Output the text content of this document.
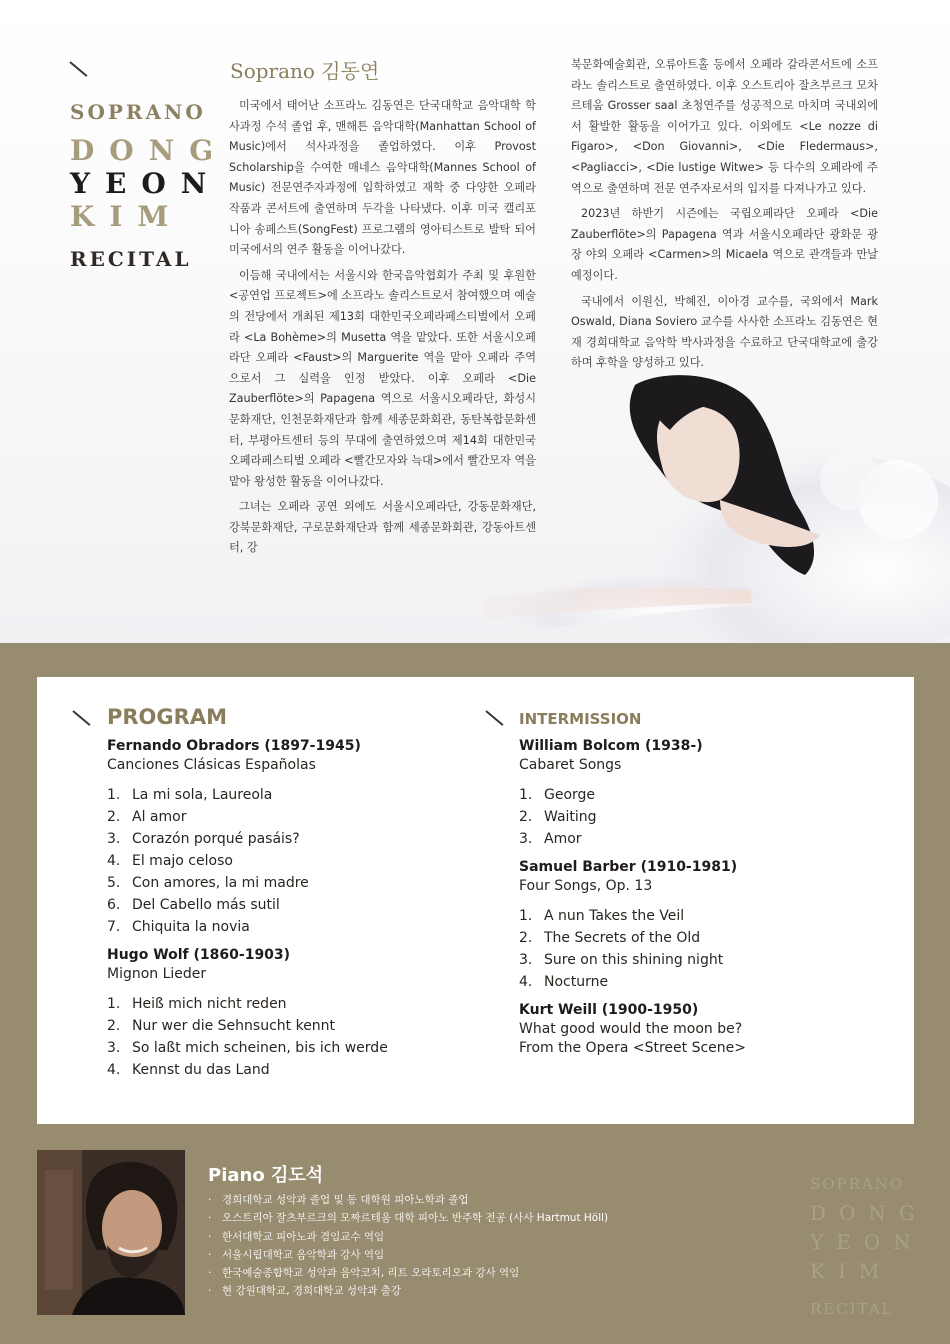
SOPRANO
DONG
YEON
KIM
RECITAL
Soprano 김동연

미국에서 태어난 소프라노 김동연은 단국대학교 음악대학 학사과정 수석 졸업 후, 맨해튼 음악대학(Manhattan School of Music)에서 석사과정을 졸업하였다. 이후 Provost Scholarship을 수여한 매네스 음악대학(Mannes School of Music) 전문연주자과정에 입학하였고 재학 중 다양한 오페라 작품과 콘서트에 출연하며 두각을 나타냈다. 이후 미국 캘리포니아 송페스트(SongFest) 프로그램의 영아티스트로 발탁 되어 미국에서의 연주 활동을 이어나갔다.

이듬해 국내에서는 서울시와 한국음악협회가 주최 및 후원한 <공연업 프로젝트>에 소프라노 솔리스트로서 참여했으며 예술의 전당에서 개최된 제13회 대한민국오페라페스티벌에서 오페라 <La Bohème>의 Musetta 역을 맡았다. 또한 서울시오페라단 오페라 <Faust>의 Marguerite 역을 맡아 오페라 주역으로서 그 실력을 인정 받았다. 이후 오페라 <Die Zauberflöte>의 Papagena 역으로 서울시오페라단, 화성시문화재단, 인천문화재단과 함께 세종문화회관, 동탄복합문화센터, 부평아트센터 등의 무대에 출연하였으며 제14회 대한민국오페라페스티벌 오페라 <빨간모자와 늑대>에서 빨간모자 역을 맡아 왕성한 활동을 이어나갔다.

그녀는 오페라 공연 외에도 서울시오페라단, 강동문화재단, 강북문화재단, 구로문화재단과 함께 세종문화회관, 강동아트센터, 강

북문화예술회관, 오류아트홀 등에서 오페라 갈라콘서트에 소프라노 솔리스트로 출연하였다. 이후 오스트리아 잘츠부르크 모차르테움 Grosser saal 초청연주를 성공적으로 마치며 국내외에서 활발한 활동을 이어가고 있다. 이외에도 <Le nozze di Figaro>, <Don Giovanni>, <Die Fledermaus>, <Pagliacci>, <Die lustige Witwe> 등 다수의 오페라에 주역으로 출연하며 전문 연주자로서의 입지를 다져나가고 있다.

2023년 하반기 시즌에는 국립오페라단 오페라 <Die Zauberflöte>의 Papagena 역과 서울시오페라단 광화문 광장 야외 오페라 <Carmen>의 Micaela 역으로 관객들과 만날 예정이다.

국내에서 이원신, 박혜진, 이아경 교수를, 국외에서 Mark Oswald, Diana Soviero 교수를 사사한 소프라노 김동연은 현재 경희대학교 음악학 박사과정을 수료하고 단국대학교에 출강하며 후학을 양성하고 있다.

PROGRAM	INTERMISSION
Fernando Obradors (1897-1945)
Canciones Clásicas Españolas
1. La mi sola, Laureola
2. Al amor
3. Corazón porqué pasáis?
4. El majo celoso
5. Con amores, la mi madre
6. Del Cabello más sutil
7. Chiquita la novia
Hugo Wolf (1860-1903)
Mignon Lieder
1. Heiß mich nicht reden
2. Nur wer die Sehnsucht kennt
3. So laßt mich scheinen, bis ich werde
4. Kennst du das Land
William Bolcom (1938-)
Cabaret Songs
1. George
2. Waiting
3. Amor
Samuel Barber (1910-1981)
Four Songs, Op. 13
1. A nun Takes the Veil
2. The Secrets of the Old
3. Sure on this shining night
4. Nocturne
Kurt Weill (1900-1950)
What good would the moon be?
From the Opera <Street Scene>
Piano 김도석
· 경희대학교 성악과 졸업 및 동 대학원 피아노학과 졸업
· 오스트리아 잘츠부르크의 모짜르테움 대학 피아노 반주학 전공 (사사 Hartmut Höll)
· 한서대학교 피아노과 겸임교수 역임
· 서울시립대학교 음악학과 강사 역임
· 한국예술종합학교 성악과 음악코치, 리트 오라토리오과 강사 역임
· 현 강원대학교, 경희대학교 성악과 출강
SOPRANO
DONG
YEON
KIM
RECITAL
